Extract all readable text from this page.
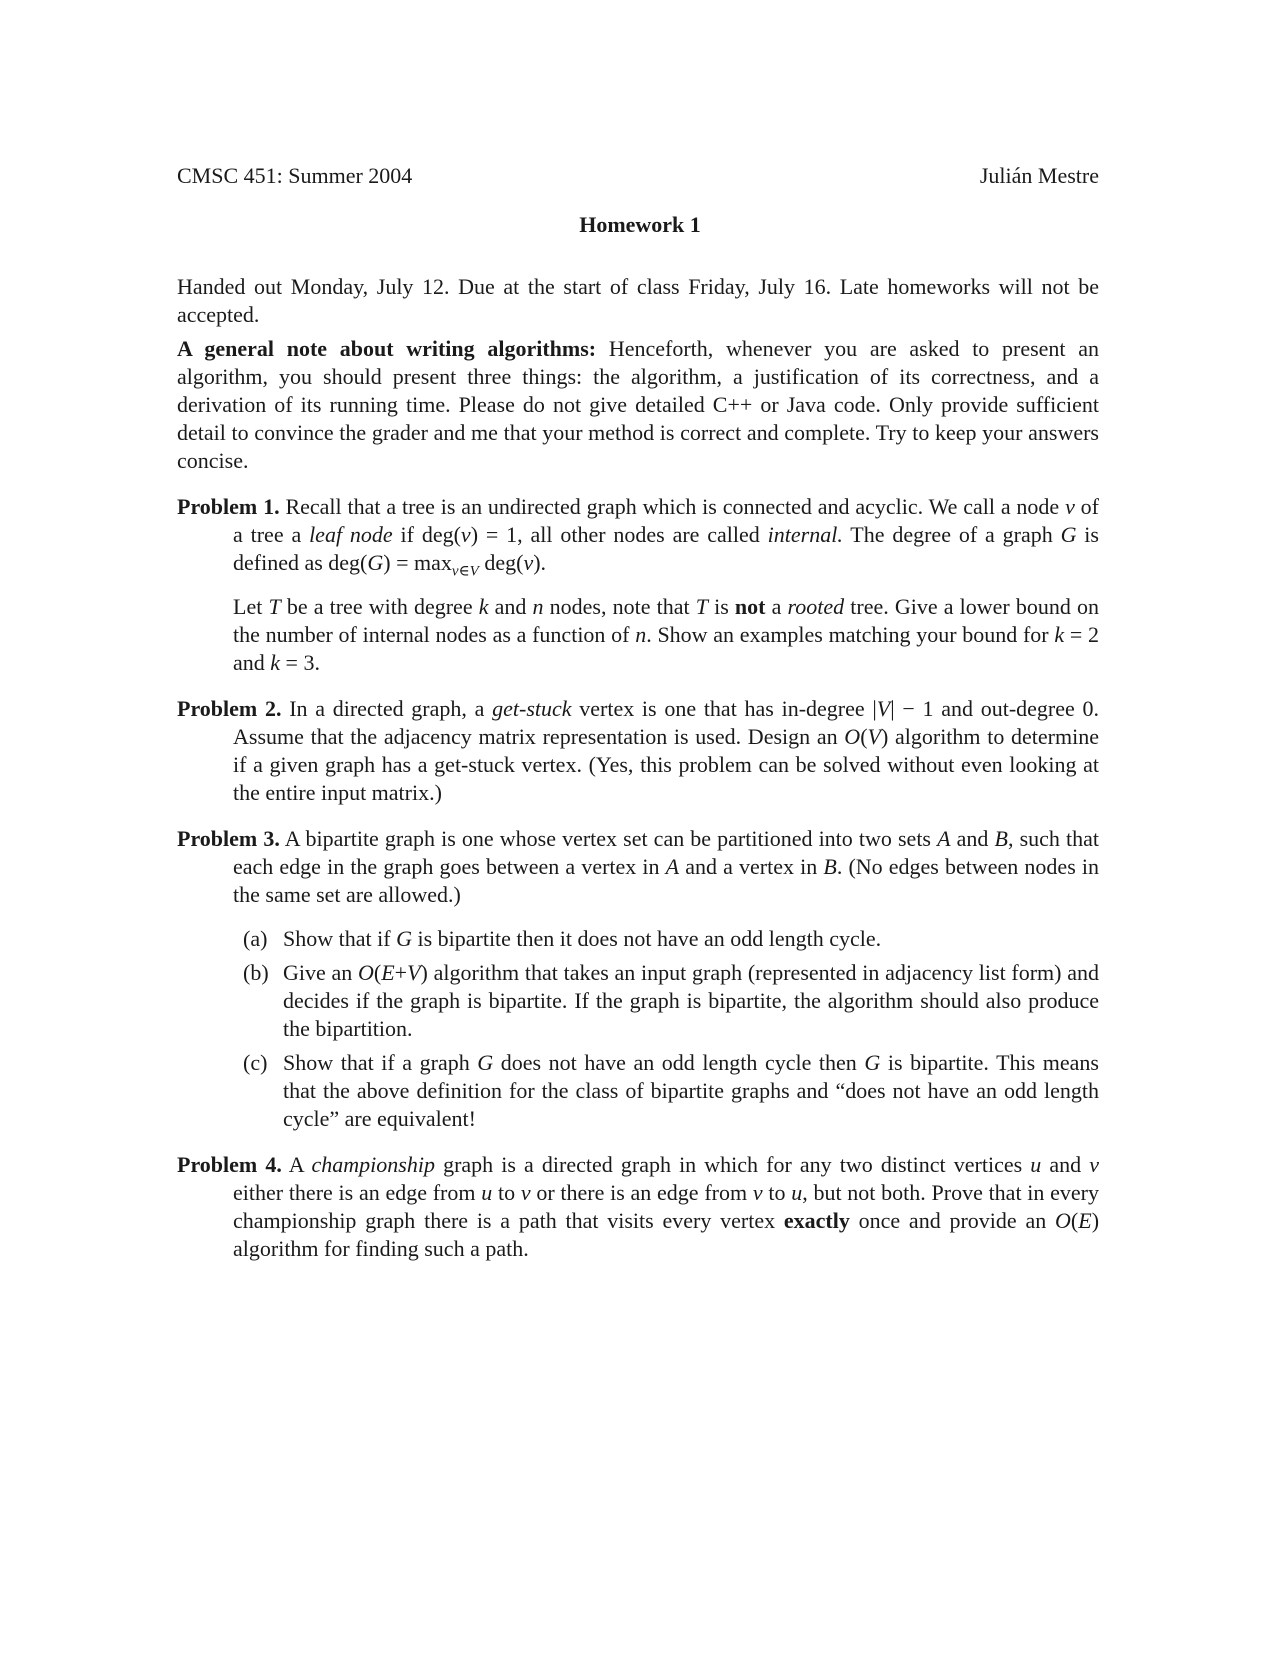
CMSC 451: Summer 2004	Julián Mestre
Homework 1

Handed out Monday, July 12. Due at the start of class Friday, July 16. Late homeworks will not be accepted.

A general note about writing algorithms: Henceforth, whenever you are asked to present an algorithm, you should present three things: the algorithm, a justification of its correctness, and a derivation of its running time. Please do not give detailed C++ or Java code. Only provide sufficient detail to convince the grader and me that your method is correct and complete. Try to keep your answers concise.

Problem 1. Recall that a tree is an undirected graph which is connected and acyclic. We call a node v of a tree a leaf node if deg(v) = 1, all other nodes are called internal. The degree of a graph G is defined as $deg(G) = \max_{v\in V} deg(v)$.

Let T be a tree with degree k and n nodes, note that T is not a rooted tree. Give a lower bound on the number of internal nodes as a function of n. Show an examples matching your bound for k = 2 and k = 3.

Problem 2. In a directed graph, a get-stuck vertex is one that has in-degree |V| − 1 and out-degree 0. Assume that the adjacency matrix representation is used. Design an O(V) algorithm to determine if a given graph has a get-stuck vertex. (Yes, this problem can be solved without even looking at the entire input matrix.)

Problem 3. A bipartite graph is one whose vertex set can be partitioned into two sets A and B, such that each edge in the graph goes between a vertex in A and a vertex in B. (No edges between nodes in the same set are allowed.)

(a) Show that if G is bipartite then it does not have an odd length cycle.
(b) Give an O(E+V) algorithm that takes an input graph (represented in adjacency list form) and decides if the graph is bipartite. If the graph is bipartite, the algorithm should also produce the bipartition.
(c) Show that if a graph G does not have an odd length cycle then G is bipartite. This means that the above definition for the class of bipartite graphs and “does not have an odd length cycle” are equivalent!

Problem 4. A championship graph is a directed graph in which for any two distinct vertices u and v either there is an edge from u to v or there is an edge from v to u, but not both. Prove that in every championship graph there is a path that visits every vertex exactly once and provide an O(E) algorithm for finding such a path.
